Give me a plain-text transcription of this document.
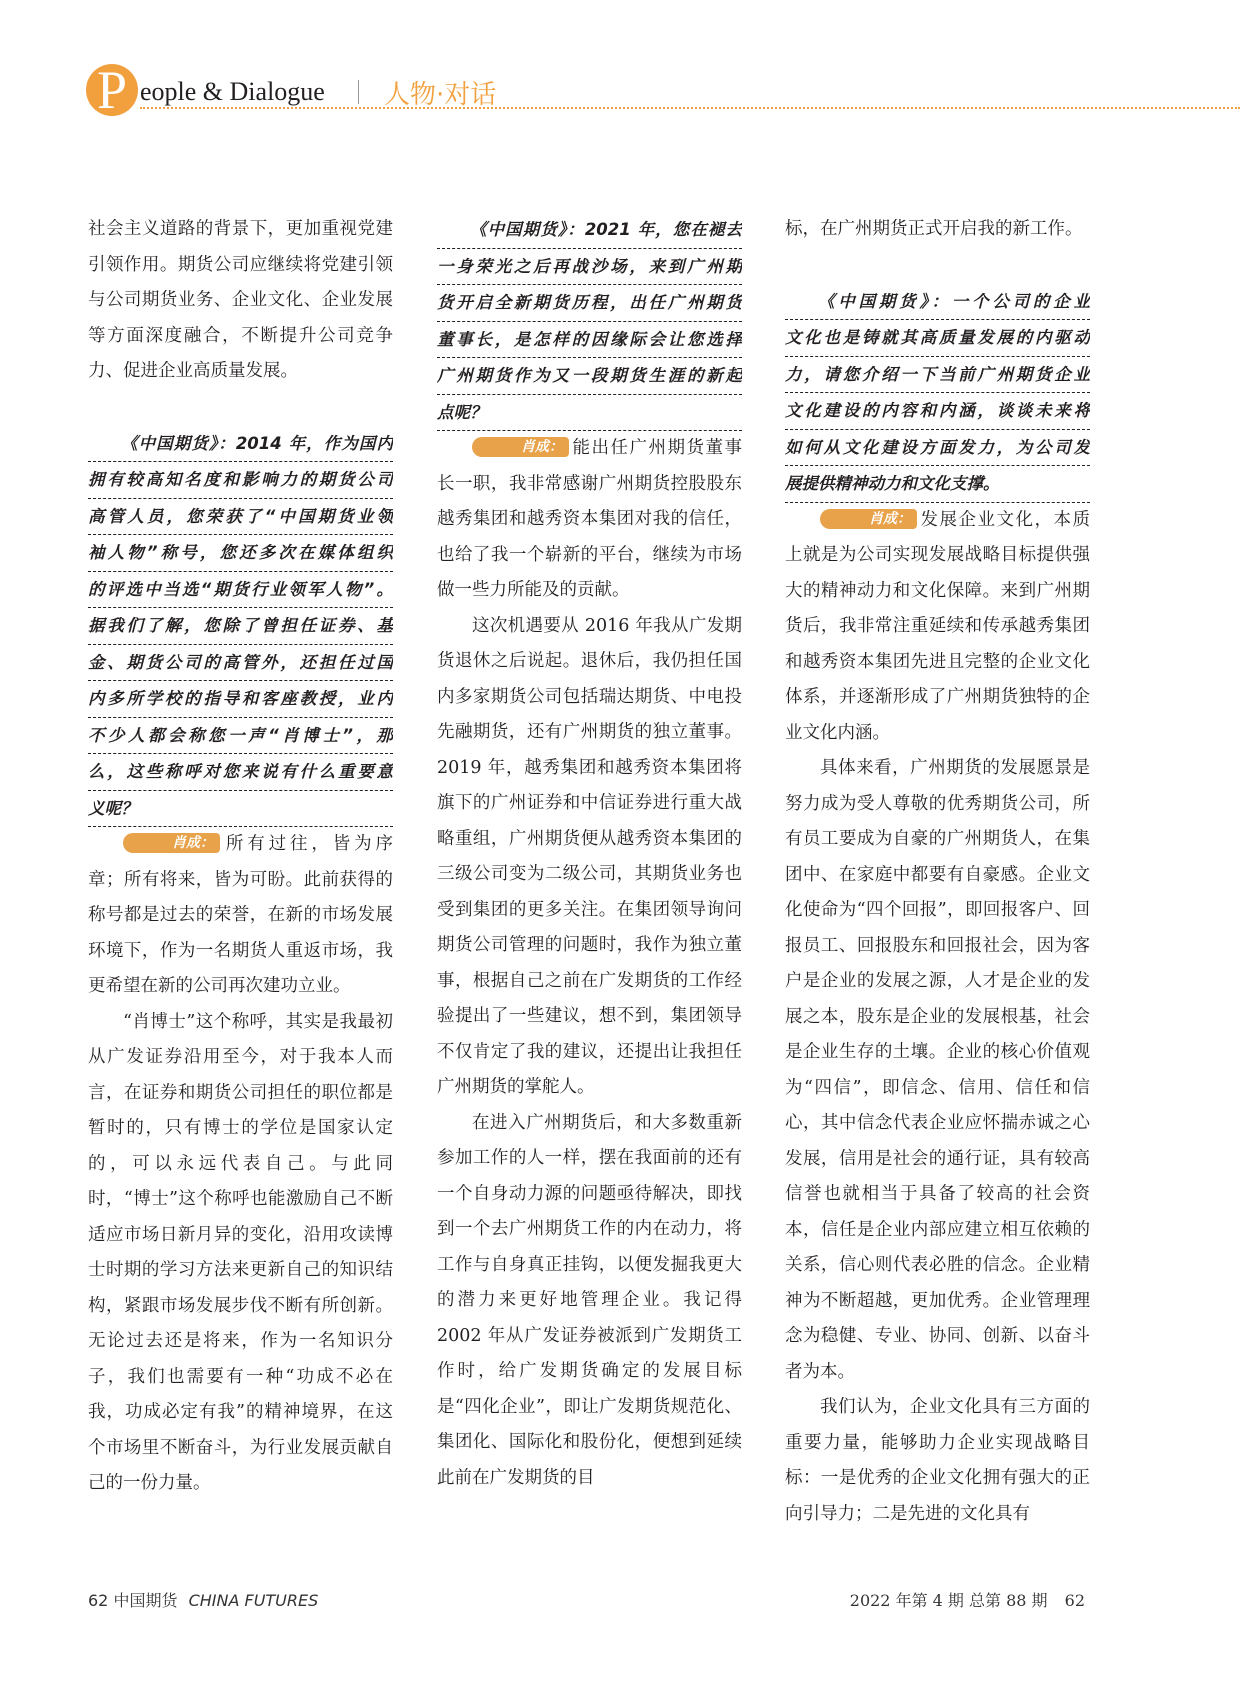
P eople & Dialogue 人物·对话

社会主义道路的背景下，更加重视党建引领作用。期货公司应继续将党建引领与公司期货业务、企业文化、企业发展等方面深度融合，不断提升公司竞争力、促进企业高质量发展。

《中国期货》：2014 年，作为国内
拥有较高知名度和影响力的期货公司
高管人员，您荣获了“中国期货业领
袖人物”称号，您还多次在媒体组织
的评选中当选“期货行业领军人物”。
据我们了解，您除了曾担任证券、基
金、期货公司的高管外，还担任过国
内多所学校的指导和客座教授，业内
不少人都会称您一声“肖博士”，那
么，这些称呼对您来说有什么重要意
义呢？

肖成： 所有过往，皆为序章；所有将来，皆为可盼。此前获得的称号都是过去的荣誉，在新的市场发展环境下，作为一名期货人重返市场，我更希望在新的公司再次建功立业。

“肖博士”这个称呼，其实是我最初从广发证券沿用至今，对于我本人而言，在证券和期货公司担任的职位都是暂时的，只有博士的学位是国家认定的，可以永远代表自己。与此同时，“博士”这个称呼也能激励自己不断适应市场日新月异的变化，沿用攻读博士时期的学习方法来更新自己的知识结构，紧跟市场发展步伐不断有所创新。无论过去还是将来，作为一名知识分子，我们也需要有一种“功成不必在我，功成必定有我”的精神境界，在这个市场里不断奋斗，为行业发展贡献自己的一份力量。

《中国期货》：2021 年，您在褪去
一身荣光之后再战沙场，来到广州期
货开启全新期货历程，出任广州期货
董事长，是怎样的因缘际会让您选择
广州期货作为又一段期货生涯的新起
点呢？

肖成： 能出任广州期货董事长一职，我非常感谢广州期货控股股东越秀集团和越秀资本集团对我的信任，也给了我一个崭新的平台，继续为市场做一些力所能及的贡献。

这次机遇要从 2016 年我从广发期货退休之后说起。退休后，我仍担任国内多家期货公司包括瑞达期货、中电投先融期货，还有广州期货的独立董事。2019 年，越秀集团和越秀资本集团将旗下的广州证券和中信证券进行重大战略重组，广州期货便从越秀资本集团的三级公司变为二级公司，其期货业务也受到集团的更多关注。在集团领导询问期货公司管理的问题时，我作为独立董事，根据自己之前在广发期货的工作经验提出了一些建议，想不到，集团领导不仅肯定了我的建议，还提出让我担任广州期货的掌舵人。

在进入广州期货后，和大多数重新参加工作的人一样，摆在我面前的还有一个自身动力源的问题亟待解决，即找到一个去广州期货工作的内在动力，将工作与自身真正挂钩，以便发掘我更大的潜力来更好地管理企业。我记得 2002 年从广发证券被派到广发期货工作时，给广发期货确定的发展目标是“四化企业”，即让广发期货规范化、集团化、国际化和股份化，便想到延续此前在广发期货的目

标，在广州期货正式开启我的新工作。

《中国期货》：一个公司的企业
文化也是铸就其高质量发展的内驱动
力，请您介绍一下当前广州期货企业
文化建设的内容和内涵，谈谈未来将
如何从文化建设方面发力，为公司发
展提供精神动力和文化支撑。

肖成： 发展企业文化，本质上就是为公司实现发展战略目标提供强大的精神动力和文化保障。来到广州期货后，我非常注重延续和传承越秀集团和越秀资本集团先进且完整的企业文化体系，并逐渐形成了广州期货独特的企业文化内涵。

具体来看，广州期货的发展愿景是努力成为受人尊敬的优秀期货公司，所有员工要成为自豪的广州期货人，在集团中、在家庭中都要有自豪感。企业文化使命为“四个回报”，即回报客户、回报员工、回报股东和回报社会，因为客户是企业的发展之源，人才是企业的发展之本，股东是企业的发展根基，社会是企业生存的土壤。企业的核心价值观为“四信”，即信念、信用、信任和信心，其中信念代表企业应怀揣赤诚之心发展，信用是社会的通行证，具有较高信誉也就相当于具备了较高的社会资本，信任是企业内部应建立相互依赖的关系，信心则代表必胜的信念。企业精神为不断超越，更加优秀。企业管理理念为稳健、专业、协同、创新、以奋斗者为本。

我们认为，企业文化具有三方面的重要力量，能够助力企业实现战略目标：一是优秀的企业文化拥有强大的正向引导力；二是先进的文化具有

62 中国期货 CHINA FUTURES	2022 年第 4 期 总第 88 期 62
